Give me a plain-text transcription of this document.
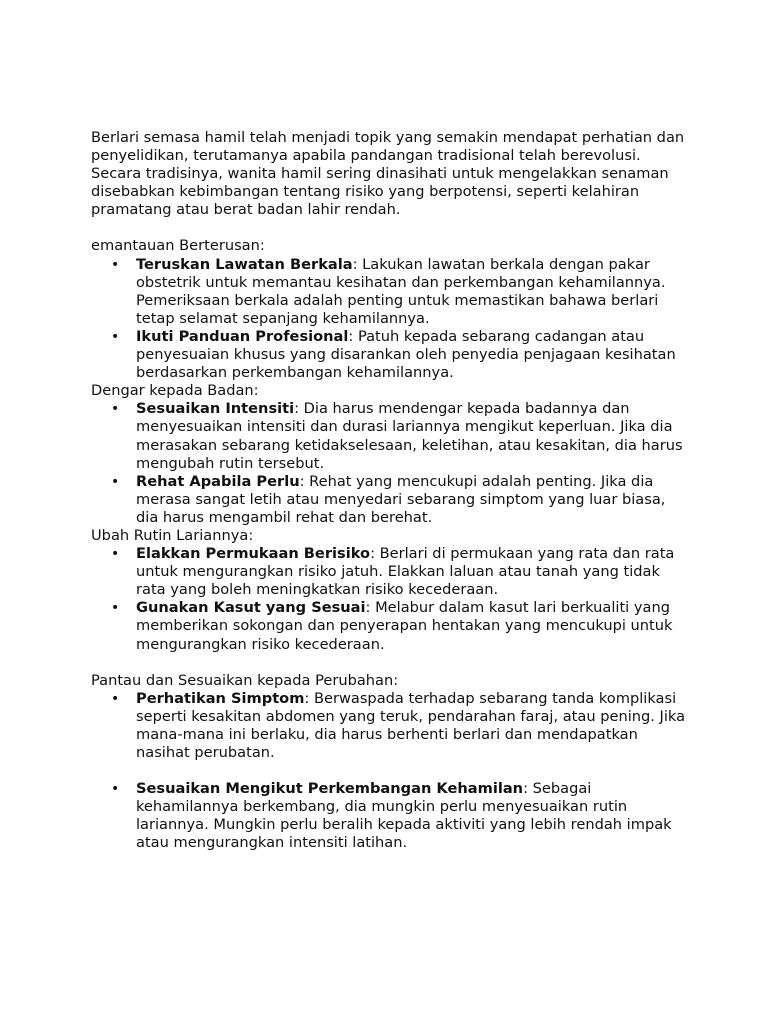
Berlari semasa hamil telah menjadi topik yang semakin mendapat perhatian dan penyelidikan, terutamanya apabila pandangan tradisional telah berevolusi. Secara tradisinya, wanita hamil sering dinasihati untuk mengelakkan senaman disebabkan kebimbangan tentang risiko yang berpotensi, seperti kelahiran pramatang atau berat badan lahir rendah.

emantauan Berterusan:

• Teruskan Lawatan Berkala: Lakukan lawatan berkala dengan pakar obstetrik untuk memantau kesihatan dan perkembangan kehamilannya. Pemeriksaan berkala adalah penting untuk memastikan bahawa berlari tetap selamat sepanjang kehamilannya.
• Ikuti Panduan Profesional: Patuh kepada sebarang cadangan atau penyesuaian khusus yang disarankan oleh penyedia penjagaan kesihatan berdasarkan perkembangan kehamilannya.

Dengar kepada Badan:

• Sesuaikan Intensiti: Dia harus mendengar kepada badannya dan menyesuaikan intensiti dan durasi lariannya mengikut keperluan. Jika dia merasakan sebarang ketidakselesaan, keletihan, atau kesakitan, dia harus mengubah rutin tersebut.
• Rehat Apabila Perlu: Rehat yang mencukupi adalah penting. Jika dia merasa sangat letih atau menyedari sebarang simptom yang luar biasa, dia harus mengambil rehat dan berehat.

Ubah Rutin Lariannya:

• Elakkan Permukaan Berisiko: Berlari di permukaan yang rata dan rata untuk mengurangkan risiko jatuh. Elakkan laluan atau tanah yang tidak rata yang boleh meningkatkan risiko kecederaan.
• Gunakan Kasut yang Sesuai: Melabur dalam kasut lari berkualiti yang memberikan sokongan dan penyerapan hentakan yang mencukupi untuk mengurangkan risiko kecederaan.

Pantau dan Sesuaikan kepada Perubahan:

• Perhatikan Simptom: Berwaspada terhadap sebarang tanda komplikasi seperti kesakitan abdomen yang teruk, pendarahan faraj, atau pening. Jika mana-mana ini berlaku, dia harus berhenti berlari dan mendapatkan nasihat perubatan.
• Sesuaikan Mengikut Perkembangan Kehamilan: Sebagai kehamilannya berkembang, dia mungkin perlu menyesuaikan rutin lariannya. Mungkin perlu beralih kepada aktiviti yang lebih rendah impak atau mengurangkan intensiti latihan.
